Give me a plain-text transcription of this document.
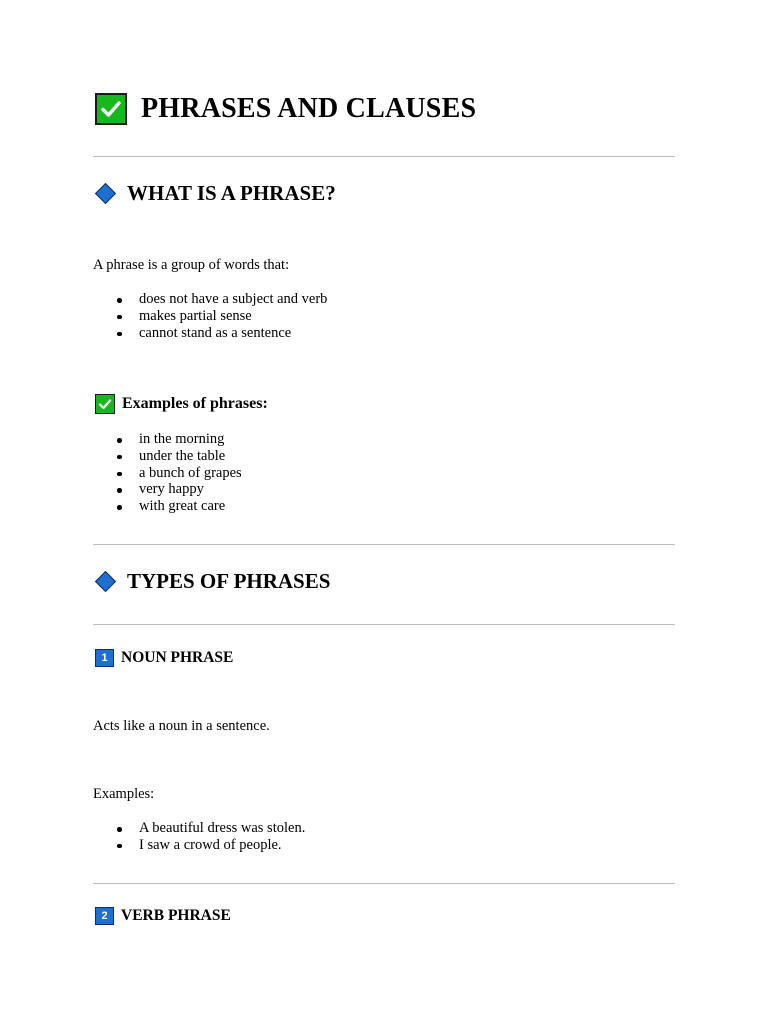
PHRASES AND CLAUSES
WHAT IS A PHRASE?
A phrase is a group of words that:
does not have a subject and verb
makes partial sense
cannot stand as a sentence
Examples of phrases:
in the morning
under the table
a bunch of grapes
very happy
with great care
TYPES OF PHRASES
1 NOUN PHRASE
Acts like a noun in a sentence.
Examples:
A beautiful dress was stolen.
I saw a crowd of people.
2 VERB PHRASE
